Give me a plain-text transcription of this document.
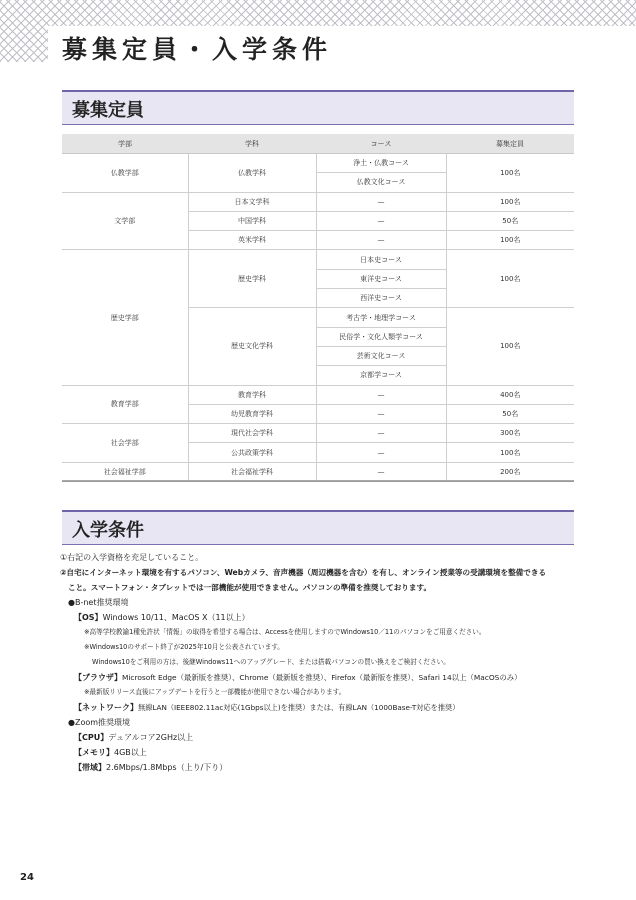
募集定員・入学条件
募集定員
学部	学科	コース	募集定員
仏教学部	仏教学科	浄土・仏教コース	100名
		仏教文化コース	
文学部	日本文学科	—	100名
	中国学科	—	50名
	英米学科	—	100名
歴史学部	歴史学科	日本史コース	100名
		東洋史コース	
		西洋史コース	
	歴史文化学科	考古学・地理学コース	100名
		民俗学・文化人類学コース	
		芸術文化コース	
		京都学コース	
教育学部	教育学科	—	400名
	幼児教育学科	—	50名
社会学部	現代社会学科	—	300名
	公共政策学科	—	100名
社会福祉学部	社会福祉学科	—	200名
入学条件
①右記の入学資格を充足していること。
②自宅にインターネット環境を有するパソコン、Webカメラ、音声機器（周辺機器を含む）を有し、オンライン授業等の受講環境を整備できる
こと。スマートフォン・タブレットでは一部機能が使用できません。パソコンの準備を推奨しております。
●B-net推奨環境
【OS】Windows 10/11、MacOS X（11以上）
※高等学校教諭1種免許状「情報」の取得を希望する場合は、Accessを使用しますのでWindows10／11のパソコンをご用意ください。
※Windows10のサポート終了が2025年10月と公表されています。
Windows10をご利用の方は、後継Windows11へのアップグレード、または搭載パソコンの買い換えをご検討ください。
【ブラウザ】Microsoft Edge（最新版を推奨）、Chrome（最新版を推奨）、Firefox（最新版を推奨）、Safari 14以上（MacOSのみ）
※最新版リリース直後にアップデートを行うと一部機能が使用できない場合があります。
【ネットワーク】無線LAN（IEEE802.11ac対応(1Gbps以上)を推奨）または、有線LAN（1000Base-T対応を推奨）
●Zoom推奨環境
【CPU】デュアルコア2GHz以上
【メモリ】4GB以上
【帯域】2.6Mbps/1.8Mbps（上り/下り）
24
